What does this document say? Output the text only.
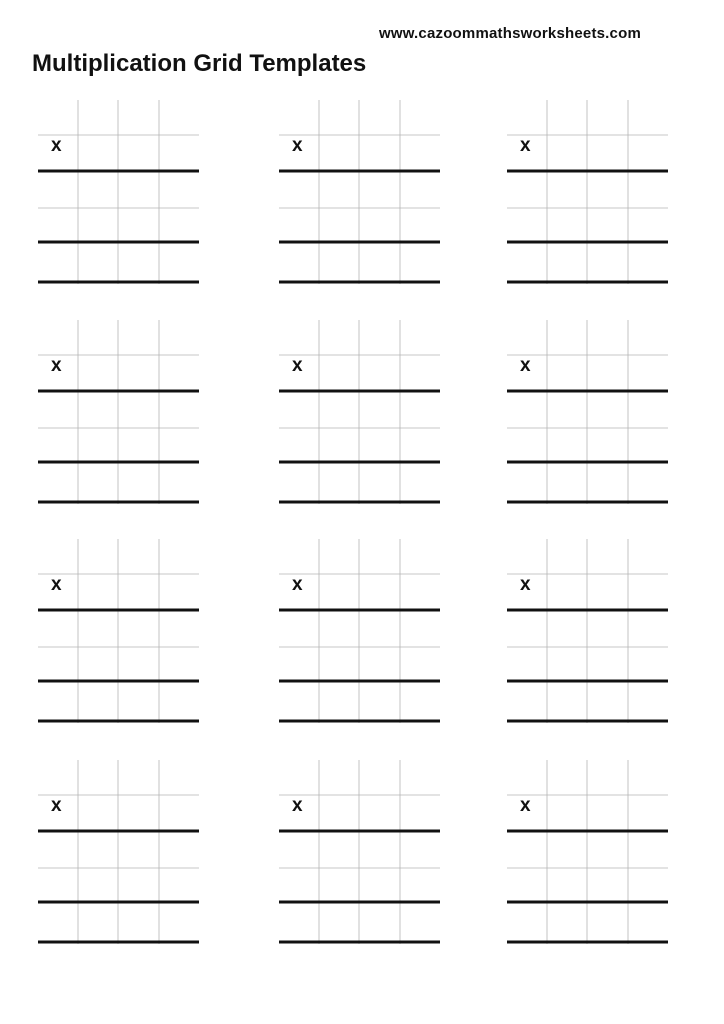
www.cazoommathsworksheets.com
Multiplication Grid Templates
x	x	x
x	x	x
x	x	x
x	x	x
